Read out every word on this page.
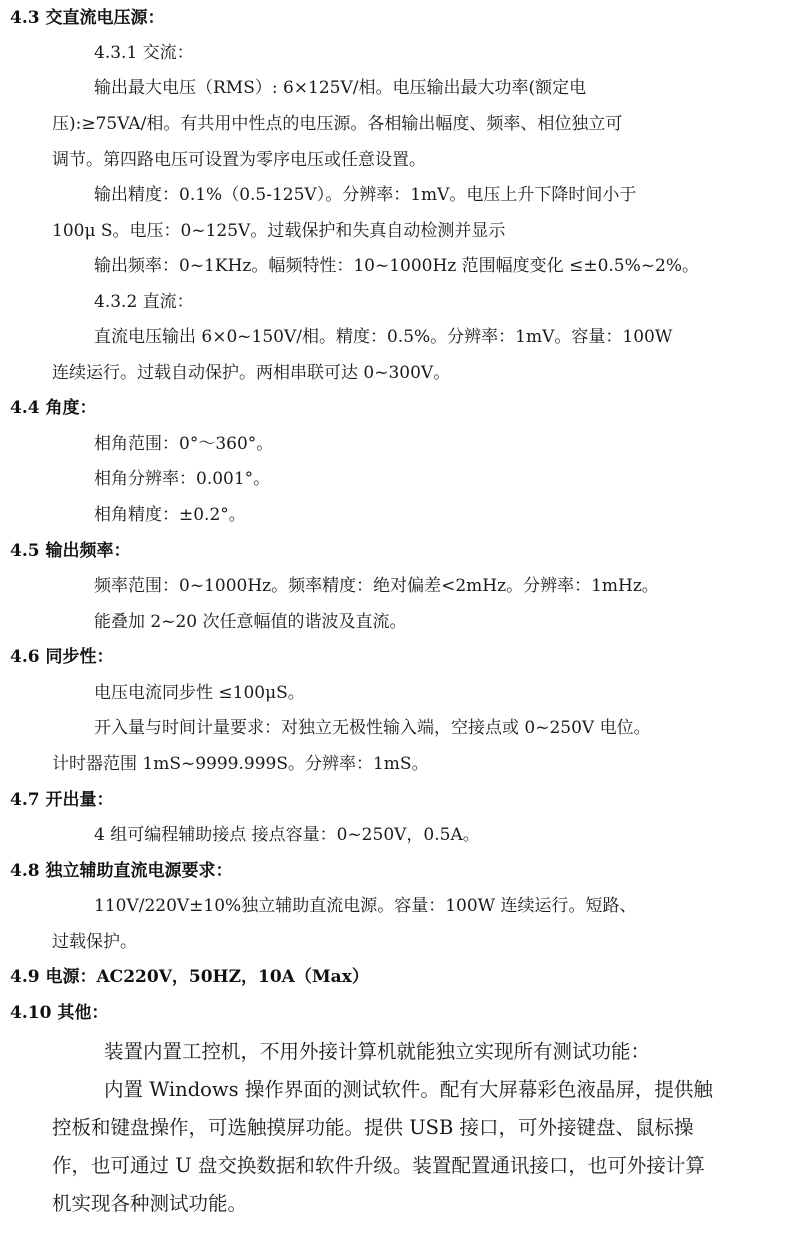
4.3 交直流电压源：
4.3.1 交流：
输出最大电压（RMS）: 6×125V/相。电压输出最大功率(额定电
压):≥75VA/相。有共用中性点的电压源。各相输出幅度、频率、相位独立可
调节。第四路电压可设置为零序电压或任意设置。
输出精度：0.1%（0.5-125V）。分辨率：1mV。电压上升下降时间小于
100μ S。电压：0~125V。过载保护和失真自动检测并显示
输出频率：0~1KHz。幅频特性：10~1000Hz 范围幅度变化 ≤±0.5%~2%。
4.3.2 直流：
直流电压输出 6×0~150V/相。精度：0.5%。分辨率：1mV。容量：100W
连续运行。过载自动保护。两相串联可达 0~300V。
4.4 角度：
相角范围：0°～360°。
相角分辨率：0.001°。
相角精度：±0.2°。
4.5 输出频率：
频率范围：0~1000Hz。频率精度：绝对偏差<2mHz。分辨率：1mHz。
能叠加 2~20 次任意幅值的谐波及直流。
4.6 同步性：
电压电流同步性 ≤100μS。
开入量与时间计量要求：对独立无极性输入端，空接点或 0~250V 电位。
计时器范围 1mS~9999.999S。分辨率：1mS。
4.7 开出量：
4 组可编程辅助接点 接点容量：0~250V，0.5A。
4.8 独立辅助直流电源要求：
110V/220V±10%独立辅助直流电源。容量：100W 连续运行。短路、
过载保护。
4.9 电源：AC220V，50HZ，10A（Max）
4.10 其他：
装置内置工控机，不用外接计算机就能独立实现所有测试功能：
内置 Windows 操作界面的测试软件。配有大屏幕彩色液晶屏，提供触
控板和键盘操作，可选触摸屏功能。提供 USB 接口，可外接键盘、鼠标操
作，也可通过 U 盘交换数据和软件升级。装置配置通讯接口，也可外接计算
机实现各种测试功能。
